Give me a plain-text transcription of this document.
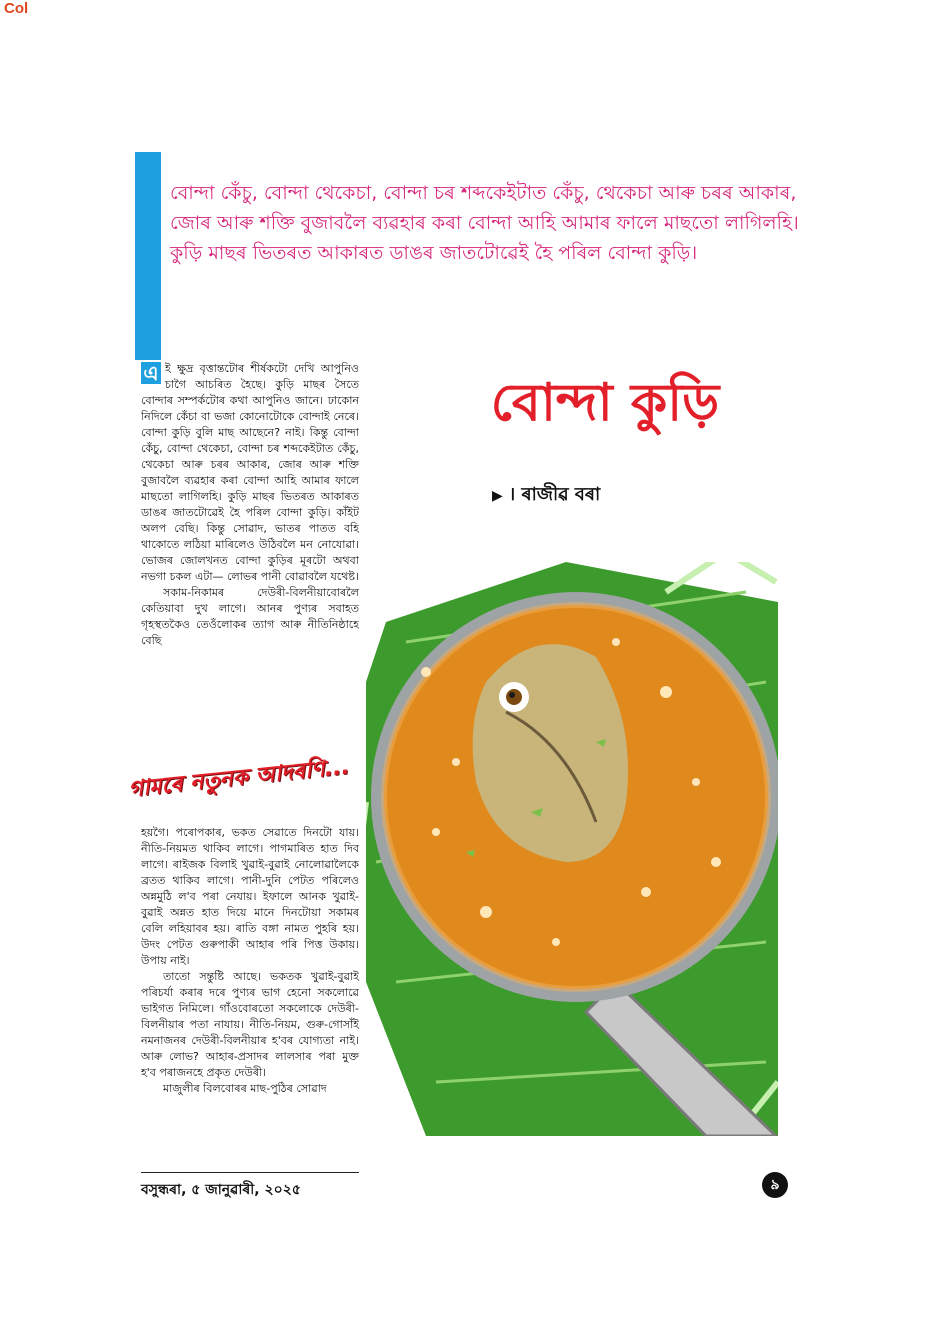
Col
বোন্দা কেঁচু, বোন্দা থেকেচা, বোন্দা চৰ শব্দকেইটাত কেঁচু, থেকেচা আৰু চৰৰ আকাৰ, জোৰ আৰু শক্তি বুজাবলৈ ব্যৱহাৰ কৰা বোন্দা আহি আমাৰ ফালে মাছতো লাগিলহি। কুড়ি মাছৰ ভিতৰত আকাৰত ডাঙৰ জাতটোৱেই হৈ পৰিল বোন্দা কুড়ি।
বোন্দা কুড়ি
▶ । ৰাজীৱ বৰা

এ ই ক্ষুদ্ৰ বৃত্তান্তটোৰ শীৰ্ষকটো দেখি আপুনিও চাগৈ আচৰিত হৈছে। কুড়ি মাছৰ সৈতে বোন্দাৰ সম্পৰ্কটোৰ কথা আপুনিও জানে। ঢাকোন নিদিলে কেঁচা বা ভজা কোনোটোকে বোন্দাই নেৰে। বোন্দা কুড়ি বুলি মাছ আছেনে? নাই। কিন্তু বোন্দা কেঁচু, বোন্দা থেকেচা, বোন্দা চৰ শব্দকেইটাত কেঁচু, থেকেচা আৰু চৰৰ আকাৰ, জোৰ আৰু শক্তি বুজাবলৈ ব্যৱহাৰ কৰা বোন্দা আহি আমাৰ ফালে মাছতো লাগিলহি। কুড়ি মাছৰ ভিতৰত আকাৰত ডাঙৰ জাতটোৱেই হৈ পৰিল বোন্দা কুড়ি। কাঁইট অলপ বেছি। কিন্তু সোৱাদ, ভাতৰ পাতত বহি থাকোতে লঠিয়া মাৰিলেও উঠিবলৈ মন নোযোৱা। ভোজৰ জোলখনত বোন্দা কুড়িৰ মূৰটো অথবা নভগা চকল এটা— লোভৰ পানী বোৱাবলৈ যথেষ্ট।

সকাম-নিকামৰ দেউৰী-বিলনীয়াবোৰলৈ কেতিয়াবা দুখ লাগে। আনৰ পুণ্যৰ সবাহত গৃহস্থতকৈও তেওঁলোকৰ ত্যাগ আৰু নীতিনিষ্ঠাহে বেছি

গামৰে নতুনক আদৰণি...

হয়গৈ। পৰোপকাৰ, ভকত সেৱাতে দিনটো যায়। নীতি-নিয়মত থাকিব লাগে। পাগমাৰিত হাত দিব লাগে। ৰাইজক বিলাই খুৱাই-বুৱাই নোলোৱালৈকে ব্ৰতত থাকিব লাগে। পানী-দুনি পেটত পৰিলেও অন্নমুঠি ল'ব পৰা নেযায়। ইফালে আনক খুৱাই-বুৱাই অন্নত হাত দিয়ে মানে দিনটোয়া সকামৰ বেলি লহিয়াবৰ হয়। ৰাতি বঙ্গা নামত পুহৰি হয়। উদং পেটত গুৰুপাকী আহাৰ পৰি পিত্ত উকায়। উপায় নাই।

তাতো সন্তুষ্টি আছে। ভকতক খুৱাই-বুৱাই পৰিচৰ্যা কৰাৰ দৰে পুণ্যৰ ভাগ হেনো সকলোৱে ভাইগত নিমিলে। গাঁওবোৰতো সকলোকে দেউৰী-বিলনীয়াৰ পতা নাযায়। নীতি-নিয়ম, গুৰু-গোসাঁই নমনাজনৰ দেউৰী-বিলনীয়াৰ হ'বৰ যোগ্যতা নাই। আৰু লোভ? আহাৰ-প্ৰসাদৰ লালসাৰ পৰা মুক্ত হ'ব পৰাজনহে প্ৰকৃত দেউৰী।

মাজুলীৰ বিলবোৰৰ মাছ-পুঠিৰ সোৱাদ

বসুন্ধৰা, ৫ জানুৱাৰী, ২০২৫	৯
